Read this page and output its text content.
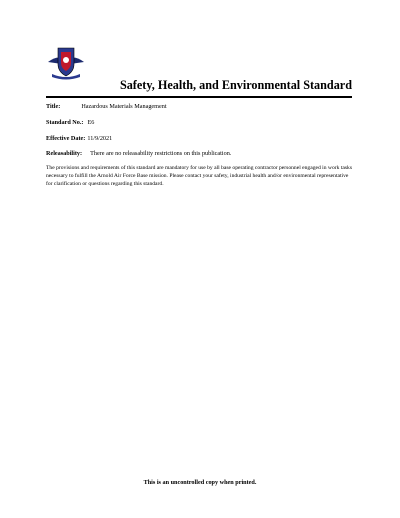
Safety, Health, and Environmental Standard
Title:	Hazardous Materials Management
Standard No.: E6
Effective Date: 11/9/2021
Releasability: There are no releasability restrictions on this publication.
The provisions and requirements of this standard are mandatory for use by all base operating contractor personnel engaged in work tasks necessary to fulfill the Arnold Air Force Base mission. Please contact your safety, industrial health and/or environmental representative for clarification or questions regarding this standard.
This is an uncontrolled copy when printed.
